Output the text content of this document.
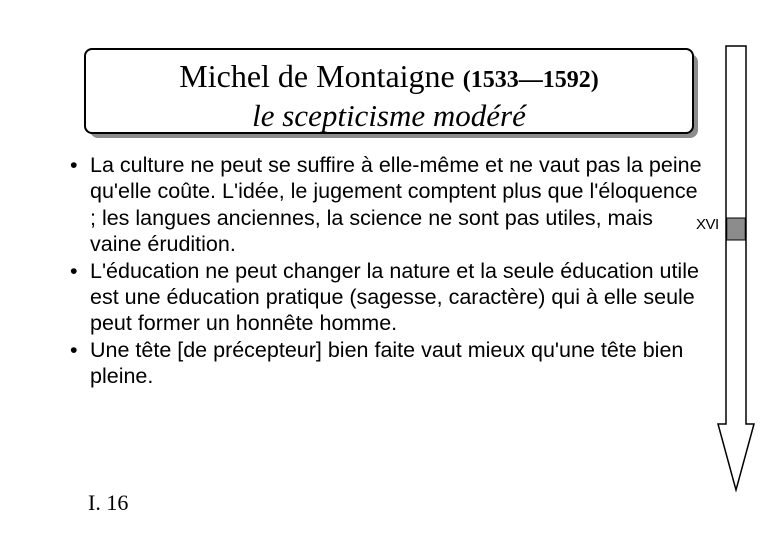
Michel de Montaigne (1533—1592)
le scepticisme modéré
• La culture ne peut se suffire à elle-même et ne vaut pas la peine qu'elle coûte. L'idée, le jugement comptent plus que l'éloquence ; les langues anciennes, la science ne sont pas utiles, mais vaine érudition.
• L'éducation ne peut changer la nature et la seule éducation utile est une éducation pratique (sagesse, caractère) qui à elle seule peut former un honnête homme.
• Une tête [de précepteur] bien faite vaut mieux qu'une tête bien pleine.
XVI
I. 16
